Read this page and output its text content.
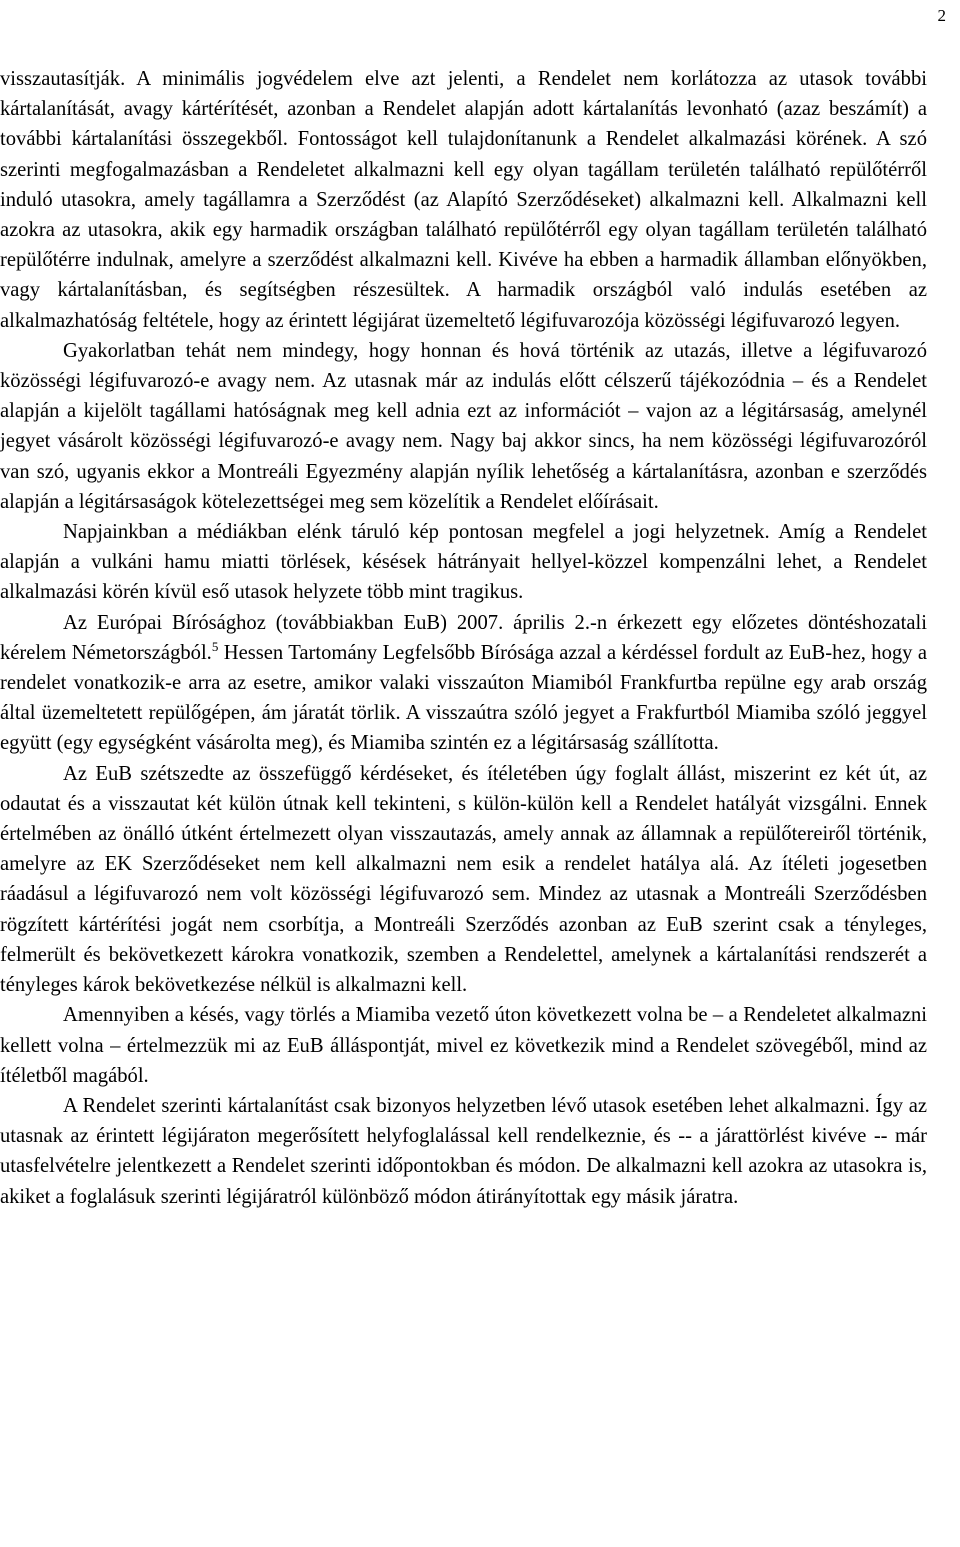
2

visszautasítják. A minimális jogvédelem elve azt jelenti, a Rendelet nem korlátozza az utasok további kártalanítását, avagy kártérítését, azonban a Rendelet alapján adott kártalanítás levonható (azaz beszámít) a további kártalanítási összegekből. Fontosságot kell tulajdonítanunk a Rendelet alkalmazási körének. A szó szerinti megfogalmazásban a Rendeletet alkalmazni kell egy olyan tagállam területén található repülőtérről induló utasokra, amely tagállamra a Szerződést (az Alapító Szerződéseket) alkalmazni kell. Alkalmazni kell azokra az utasokra, akik egy harmadik országban található repülőtérről egy olyan tagállam területén található repülőtérre indulnak, amelyre a szerződést alkalmazni kell. Kivéve ha ebben a harmadik államban előnyökben, vagy kártalanításban, és segítségben részesültek. A harmadik országból való indulás esetében az alkalmazhatóság feltétele, hogy az érintett légijárat üzemeltető légifuvarozója közösségi légifuvarozó legyen.

Gyakorlatban tehát nem mindegy, hogy honnan és hová történik az utazás, illetve a légifuvarozó közösségi légifuvarozó-e avagy nem. Az utasnak már az indulás előtt célszerű tájékozódnia – és a Rendelet alapján a kijelölt tagállami hatóságnak meg kell adnia ezt az információt – vajon az a légitársaság, amelynél jegyet vásárolt közösségi légifuvarozó-e avagy nem. Nagy baj akkor sincs, ha nem közösségi légifuvarozóról van szó, ugyanis ekkor a Montreáli Egyezmény alapján nyílik lehetőség a kártalanításra, azonban e szerződés alapján a légitársaságok kötelezettségei meg sem közelítik a Rendelet előírásait.

Napjainkban a médiákban elénk táruló kép pontosan megfelel a jogi helyzetnek. Amíg a Rendelet alapján a vulkáni hamu miatti törlések, késések hátrányait hellyel-közzel kompenzálni lehet, a Rendelet alkalmazási körén kívül eső utasok helyzete több mint tragikus.

Az Európai Bírósághoz (továbbiakban EuB) 2007. április 2.-n érkezett egy előzetes döntéshozatali kérelem Németországból.$^5$ Hessen Tartomány Legfelsőbb Bírósága azzal a kérdéssel fordult az EuB-hez, hogy a rendelet vonatkozik-e arra az esetre, amikor valaki visszaúton Miamiból Frankfurtba repülne egy arab ország által üzemeltetett repülőgépen, ám járatát törlik. A visszaútra szóló jegyet a Frakfurtból Miamiba szóló jeggyel együtt (egy egységként vásárolta meg), és Miamiba szintén ez a légitársaság szállította.

Az EuB szétszedte az összefüggő kérdéseket, és ítéletében úgy foglalt állást, miszerint ez két út, az odautat és a visszautat két külön útnak kell tekinteni, s külön-külön kell a Rendelet hatályát vizsgálni. Ennek értelmében az önálló útként értelmezett olyan visszautazás, amely annak az államnak a repülőtereiről történik, amelyre az EK Szerződéseket nem kell alkalmazni nem esik a rendelet hatálya alá. Az ítéleti jogesetben ráadásul a légifuvarozó nem volt közösségi légifuvarozó sem. Mindez az utasnak a Montreáli Szerződésben rögzített kártérítési jogát nem csorbítja, a Montreáli Szerződés azonban az EuB szerint csak a tényleges, felmerült és bekövetkezett károkra vonatkozik, szemben a Rendelettel, amelynek a kártalanítási rendszerét a tényleges károk bekövetkezése nélkül is alkalmazni kell.

Amennyiben a késés, vagy törlés a Miamiba vezető úton következett volna be – a Rendeletet alkalmazni kellett volna – értelmezzük mi az EuB álláspontját, mivel ez következik mind a Rendelet szövegéből, mind az ítéletből magából.

A Rendelet szerinti kártalanítást csak bizonyos helyzetben lévő utasok esetében lehet alkalmazni. Így az utasnak az érintett légijáraton megerősített helyfoglalással kell rendelkeznie, és -- a járattörlést kivéve -- már utasfelvételre jelentkezett a Rendelet szerinti időpontokban és módon. De alkalmazni kell azokra az utasokra is, akiket a foglalásuk szerinti légijáratról különböző módon átirányítottak egy másik járatra.
